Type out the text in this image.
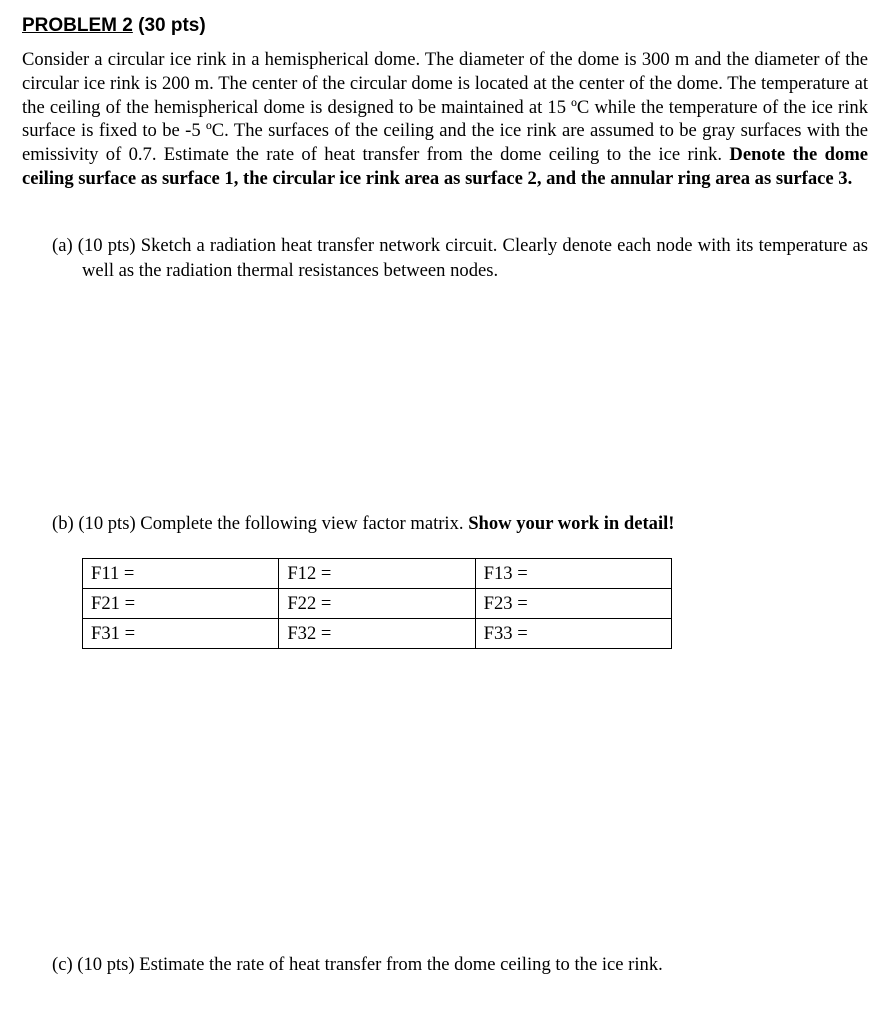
PROBLEM 2 (30 pts)
Consider a circular ice rink in a hemispherical dome. The diameter of the dome is 300 m and the diameter of the circular ice rink is 200 m. The center of the circular dome is located at the center of the dome. The temperature at the ceiling of the hemispherical dome is designed to be maintained at 15 ºC while the temperature of the ice rink surface is fixed to be -5 ºC. The surfaces of the ceiling and the ice rink are assumed to be gray surfaces with the emissivity of 0.7. Estimate the rate of heat transfer from the dome ceiling to the ice rink. Denote the dome ceiling surface as surface 1, the circular ice rink area as surface 2, and the annular ring area as surface 3.
(a) (10 pts) Sketch a radiation heat transfer network circuit. Clearly denote each node with its temperature as well as the radiation thermal resistances between nodes.
(b) (10 pts) Complete the following view factor matrix. Show your work in detail!
F11 =	F12 =	F13 =
F21 =	F22 =	F23 =
F31 =	F32 =	F33 =
(c) (10 pts) Estimate the rate of heat transfer from the dome ceiling to the ice rink.
